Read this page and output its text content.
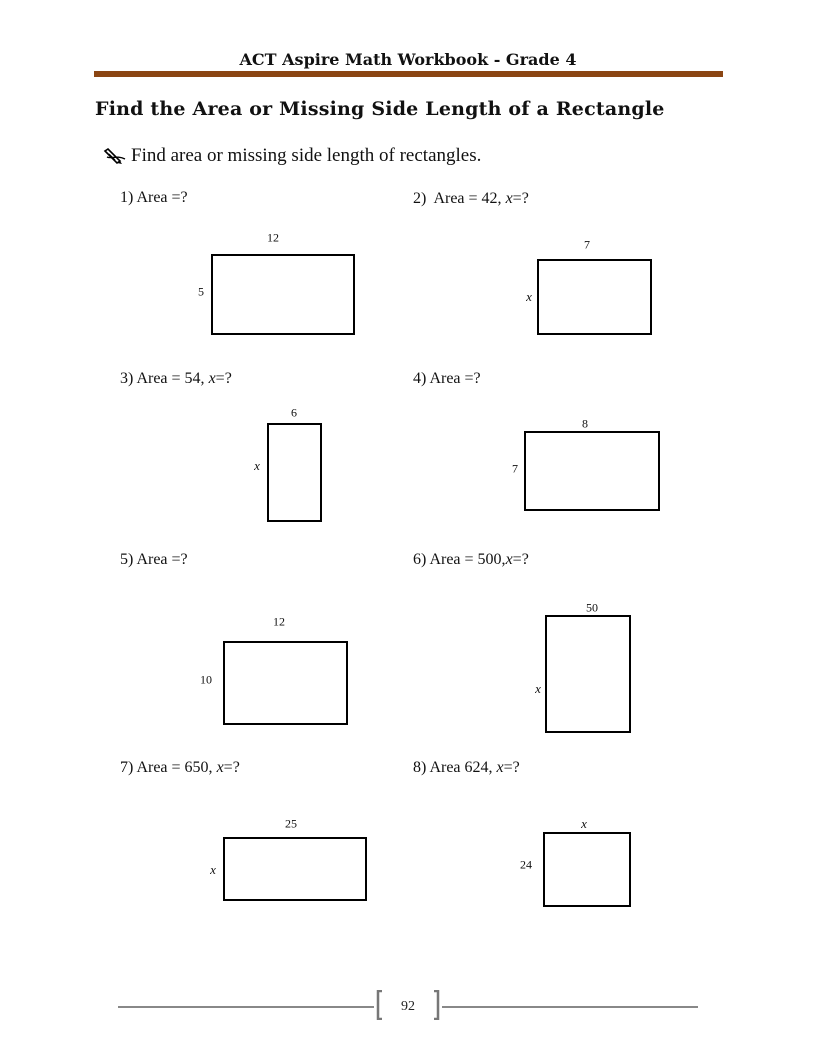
ACT Aspire Math Workbook - Grade 4
Find the Area or Missing Side Length of a Rectangle
Find area or missing side length of rectangles.
1) Area =?
12
5
2)  Area = 42, x=?
7
x
3) Area = 54, x=?
6
x
4) Area =?
8
7
5) Area =?
12
10
6) Area = 500,x=?
50
x
7) Area = 650, x=?
25
x
8) Area 624, x=?
x
24
92
